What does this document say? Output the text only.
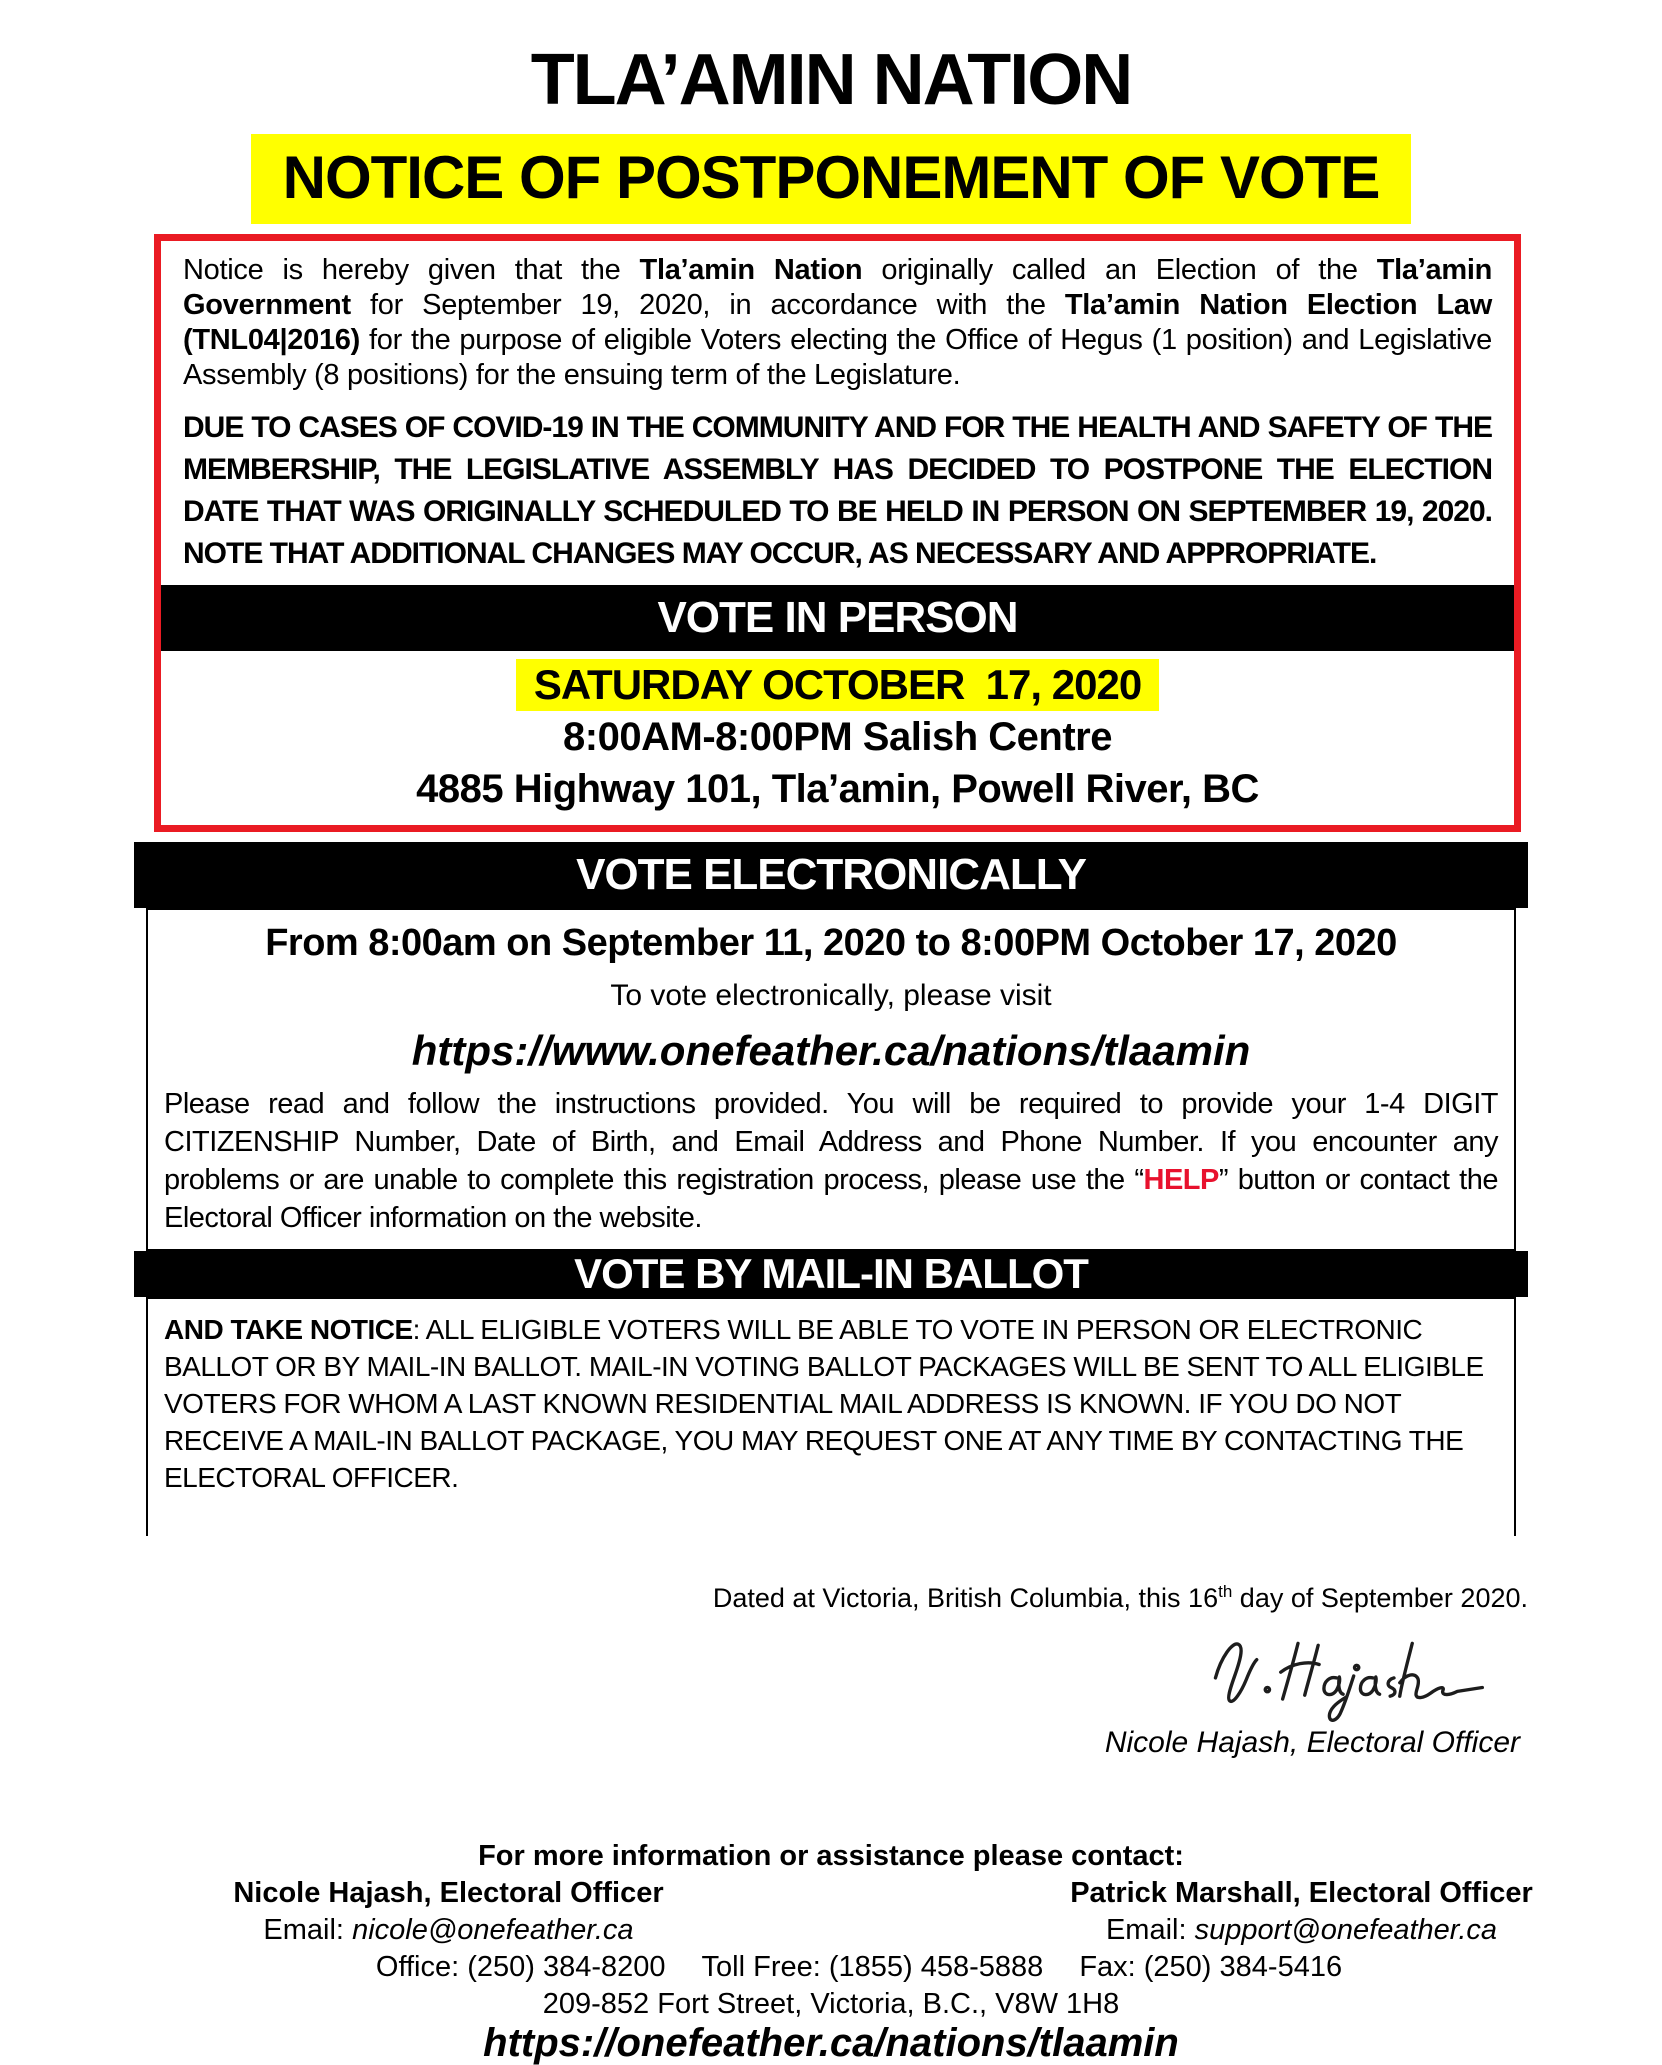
TLA’AMIN NATION
NOTICE OF POSTPONEMENT OF VOTE

Notice is hereby given that the Tla’amin Nation originally called an Election of the Tla’amin Government for September 19, 2020, in accordance with the Tla’amin Nation Election Law (TNL04|2016) for the purpose of eligible Voters electing the Office of Hegus (1 position) and Legislative Assembly (8 positions) for the ensuing term of the Legislature.

DUE TO CASES OF COVID-19 IN THE COMMUNITY AND FOR THE HEALTH AND SAFETY OF THE MEMBERSHIP, THE LEGISLATIVE ASSEMBLY HAS DECIDED TO POSTPONE THE ELECTION DATE THAT WAS ORIGINALLY SCHEDULED TO BE HELD IN PERSON ON SEPTEMBER 19, 2020. NOTE THAT ADDITIONAL CHANGES MAY OCCUR, AS NECESSARY AND APPROPRIATE.

VOTE IN PERSON
SATURDAY OCTOBER  17, 2020
8:00AM-8:00PM Salish Centre
4885 Highway 101, Tla’amin, Powell River, BC
VOTE ELECTRONICALLY
From 8:00am on September 11, 2020 to 8:00PM October 17, 2020
To vote electronically, please visit
https://www.onefeather.ca/nations/tlaamin

Please read and follow the instructions provided. You will be required to provide your 1-4 DIGIT CITIZENSHIP Number, Date of Birth, and Email Address and Phone Number. If you encounter any problems or are unable to complete this registration process, please use the “HELP” button or contact the Electoral Officer information on the website.

VOTE BY MAIL-IN BALLOT

AND TAKE NOTICE: ALL ELIGIBLE VOTERS WILL BE ABLE TO VOTE IN PERSON OR ELECTRONIC BALLOT OR BY MAIL-IN BALLOT. MAIL-IN VOTING BALLOT PACKAGES WILL BE SENT TO ALL ELIGIBLE VOTERS FOR WHOM A LAST KNOWN RESIDENTIAL MAIL ADDRESS IS KNOWN. IF YOU DO NOT RECEIVE A MAIL-IN BALLOT PACKAGE, YOU MAY REQUEST ONE AT ANY TIME BY CONTACTING THE ELECTORAL OFFICER.

Dated at Victoria, British Columbia, this 16th day of September 2020.
Nicole Hajash, Electoral Officer
For more information or assistance please contact:
Nicole Hajash, Electoral Officer
Email: nicole@onefeather.ca
Patrick Marshall, Electoral Officer
Email: support@onefeather.ca
Office: (250) 384-8200 Toll Free: (1855) 458-5888 Fax: (250) 384-5416
209-852 Fort Street, Victoria, B.C., V8W 1H8
https://onefeather.ca/nations/tlaamin
